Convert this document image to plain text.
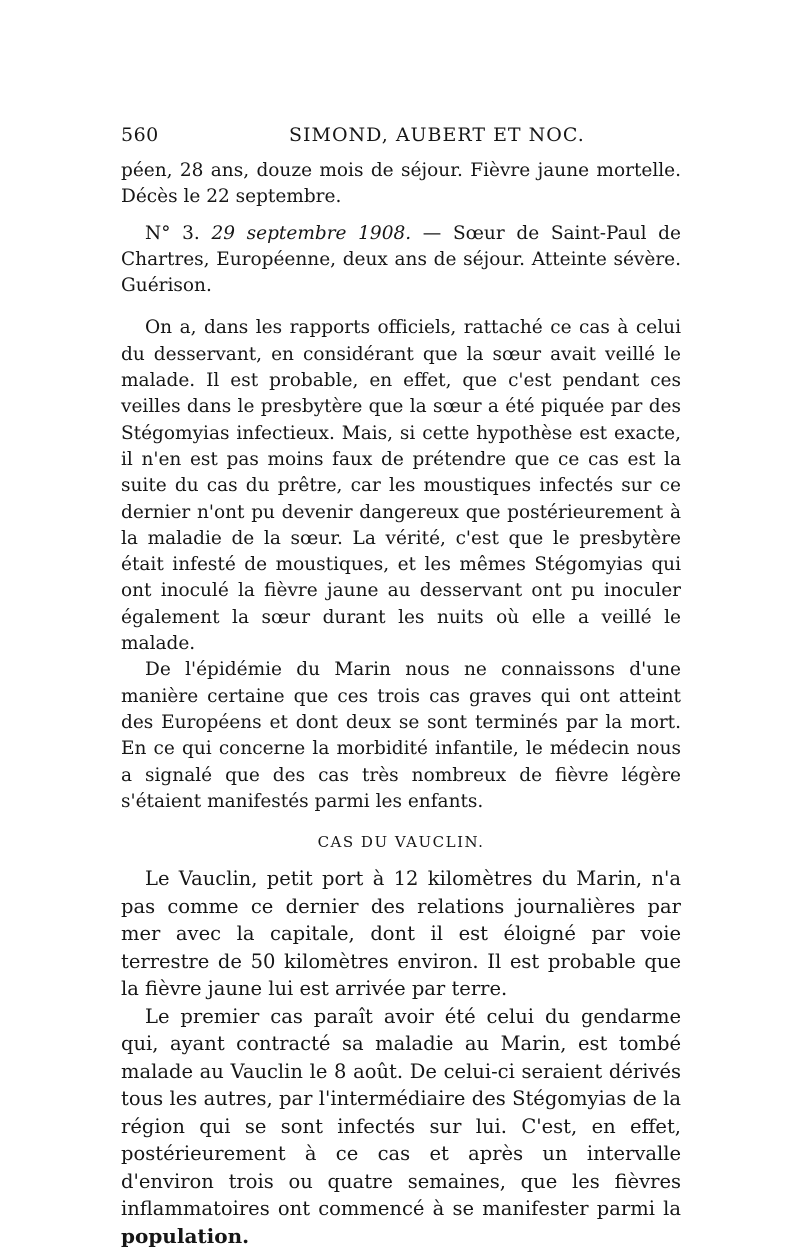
560	SIMOND, AUBERT ET NOC.

péen, 28 ans, douze mois de séjour. Fièvre jaune mortelle. Décès le 22 septembre.

N° 3. 29 septembre 1908. — Sœur de Saint-Paul de Chartres, Européenne, deux ans de séjour. Atteinte sévère. Guérison.

On a, dans les rapports officiels, rattaché ce cas à celui du desservant, en considérant que la sœur avait veillé le malade. Il est probable, en effet, que c'est pendant ces veilles dans le presbytère que la sœur a été piquée par des Stégomyias infectieux. Mais, si cette hypothèse est exacte, il n'en est pas moins faux de prétendre que ce cas est la suite du cas du prêtre, car les moustiques infectés sur ce dernier n'ont pu devenir dangereux que postérieurement à la maladie de la sœur. La vérité, c'est que le presbytère était infesté de moustiques, et les mêmes Stégomyias qui ont inoculé la fièvre jaune au desservant ont pu inoculer également la sœur durant les nuits où elle a veillé le malade.

De l'épidémie du Marin nous ne connaissons d'une manière certaine que ces trois cas graves qui ont atteint des Européens et dont deux se sont terminés par la mort. En ce qui concerne la morbidité infantile, le médecin nous a signalé que des cas très nombreux de fièvre légère s'étaient manifestés parmi les enfants.

CAS DU VAUCLIN.

Le Vauclin, petit port à 12 kilomètres du Marin, n'a pas comme ce dernier des relations journalières par mer avec la capitale, dont il est éloigné par voie terrestre de 50 kilomètres environ. Il est probable que la fièvre jaune lui est arrivée par terre.

Le premier cas paraît avoir été celui du gendarme qui, ayant contracté sa maladie au Marin, est tombé malade au Vauclin le 8 août. De celui-ci seraient dérivés tous les autres, par l'intermédiaire des Stégomyias de la région qui se sont infectés sur lui. C'est, en effet, postérieurement à ce cas et après un intervalle d'environ trois ou quatre semaines, que les fièvres inflammatoires ont commencé à se manifester parmi la population.
